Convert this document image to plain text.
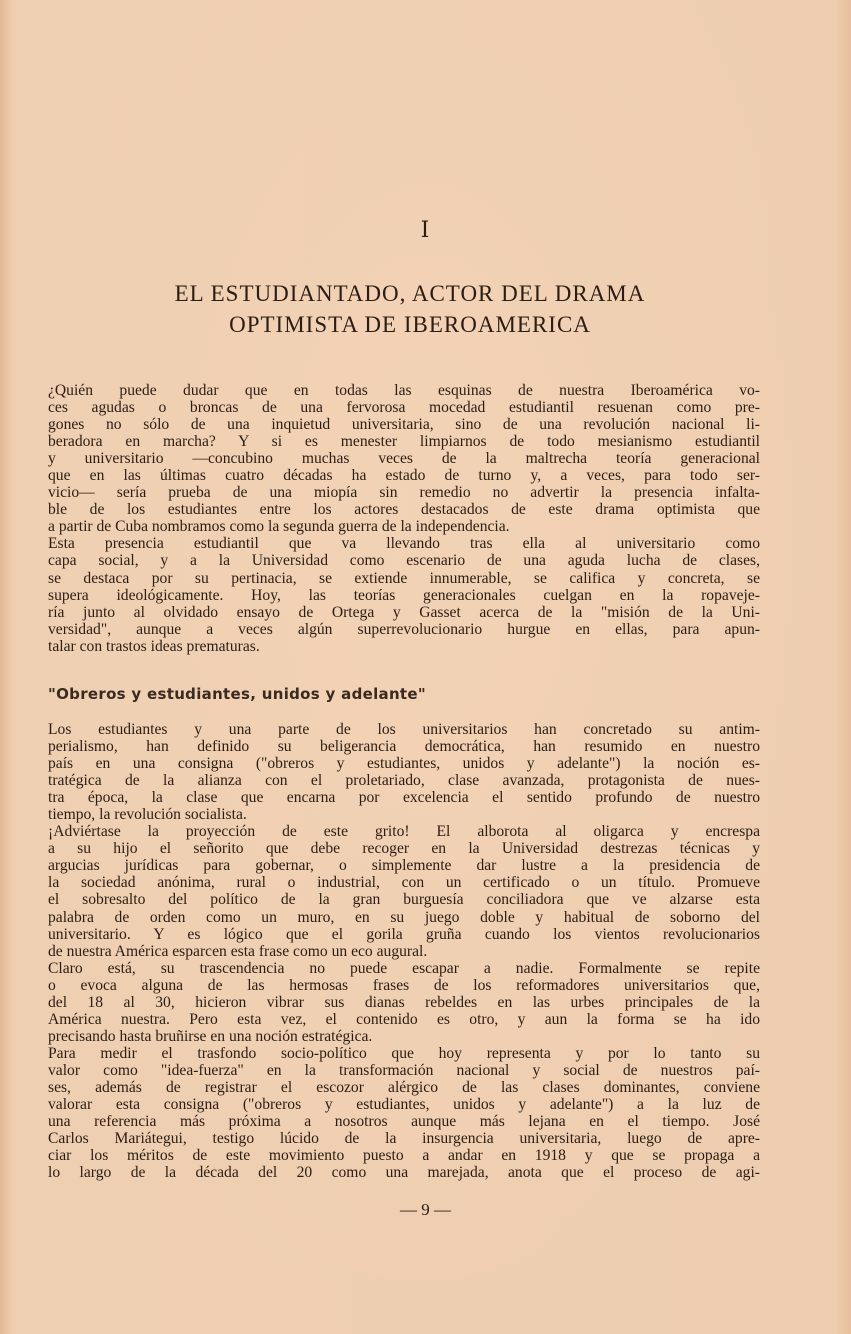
I
EL ESTUDIANTADO, ACTOR DEL DRAMA
OPTIMISTA DE IBEROAMERICA
¿Quién puede dudar que en todas las esquinas de nuestra Iberoamérica vo-
ces agudas o broncas de una fervorosa mocedad estudiantil resuenan como pre-
gones no sólo de una inquietud universitaria, sino de una revolución nacional li-
beradora en marcha? Y si es menester limpiarnos de todo mesianismo estudiantil
y universitario —concubino muchas veces de la maltrecha teoría generacional
que en las últimas cuatro décadas ha estado de turno y, a veces, para todo ser-
vicio— sería prueba de una miopía sin remedio no advertir la presencia infalta-
ble de los estudiantes entre los actores destacados de este drama optimista que
a partir de Cuba nombramos como la segunda guerra de la independencia.
Esta presencia estudiantil que va llevando tras ella al universitario como
capa social, y a la Universidad como escenario de una aguda lucha de clases,
se destaca por su pertinacia, se extiende innumerable, se califica y concreta, se
supera ideológicamente. Hoy, las teorías generacionales cuelgan en la ropaveje-
ría junto al olvidado ensayo de Ortega y Gasset acerca de la "misión de la Uni-
versidad", aunque a veces algún superrevolucionario hurgue en ellas, para apun-
talar con trastos ideas prematuras.
"Obreros y estudiantes, unidos y adelante"
Los estudiantes y una parte de los universitarios han concretado su antim-
perialismo, han definido su beligerancia democrática, han resumido en nuestro
país en una consigna ("obreros y estudiantes, unidos y adelante") la noción es-
tratégica de la alianza con el proletariado, clase avanzada, protagonista de nues-
tra época, la clase que encarna por excelencia el sentido profundo de nuestro
tiempo, la revolución socialista.
¡Adviértase la proyección de este grito! El alborota al oligarca y encrespa
a su hijo el señorito que debe recoger en la Universidad destrezas técnicas y
argucias jurídicas para gobernar, o simplemente dar lustre a la presidencia de
la sociedad anónima, rural o industrial, con un certificado o un título. Promueve
el sobresalto del político de la gran burguesía conciliadora que ve alzarse esta
palabra de orden como un muro, en su juego doble y habitual de soborno del
universitario. Y es lógico que el gorila gruña cuando los vientos revolucionarios
de nuestra América esparcen esta frase como un eco augural.
Claro está, su trascendencia no puede escapar a nadie. Formalmente se repite
o evoca alguna de las hermosas frases de los reformadores universitarios que,
del 18 al 30, hicieron vibrar sus dianas rebeldes en las urbes principales de la
América nuestra. Pero esta vez, el contenido es otro, y aun la forma se ha ido
precisando hasta bruñirse en una noción estratégica.
Para medir el trasfondo socio-político que hoy representa y por lo tanto su
valor como "idea-fuerza" en la transformación nacional y social de nuestros paí-
ses, además de registrar el escozor alérgico de las clases dominantes, conviene
valorar esta consigna ("obreros y estudiantes, unidos y adelante") a la luz de
una referencia más próxima a nosotros aunque más lejana en el tiempo. José
Carlos Mariátegui, testigo lúcido de la insurgencia universitaria, luego de apre-
ciar los méritos de este movimiento puesto a andar en 1918 y que se propaga a
lo largo de la década del 20 como una marejada, anota que el proceso de agi-
— 9 —
